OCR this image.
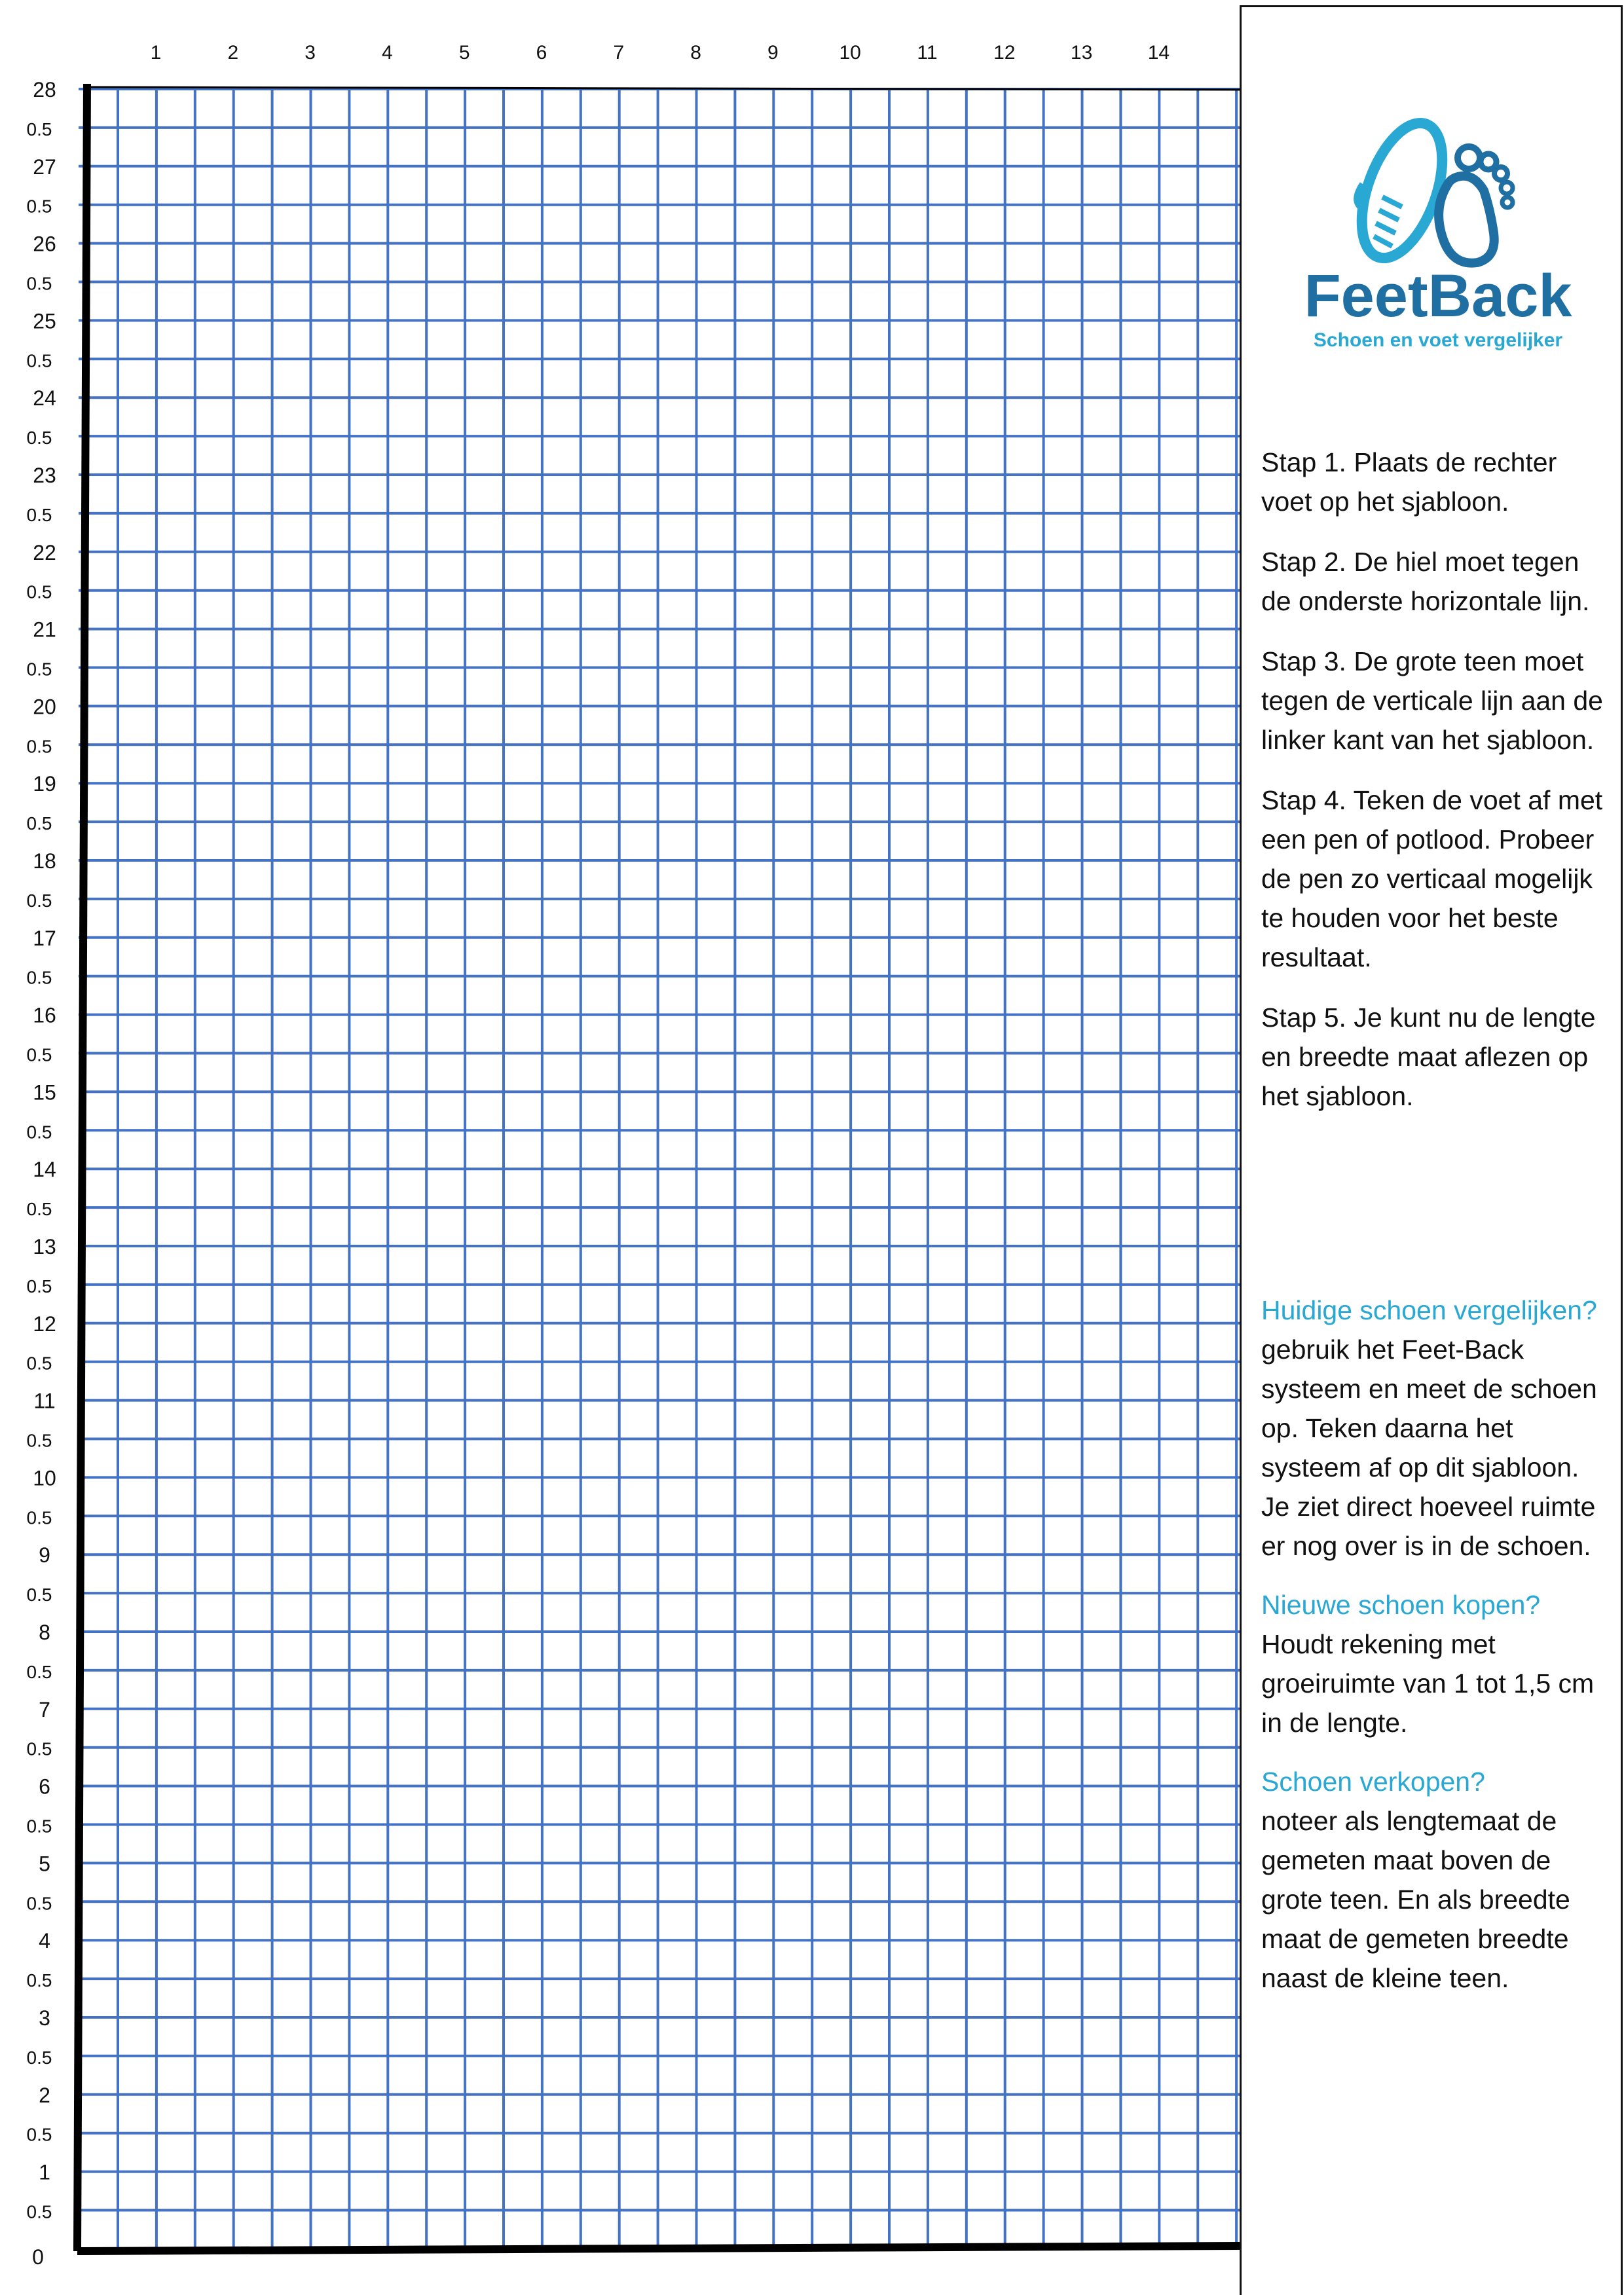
1	2	3	4	5	6	7	8	9	10	11	12	13	14
28
0.5
27
0.5
26
0.5
25
0.5
24
0.5
23
0.5
22
0.5
21
0.5
20
0.5
19
0.5
18
0.5
17
0.5
16
0.5
15
0.5
14
0.5
13
0.5
12
0.5
11
0.5
10
0.5
9
0.5
8
0.5
7
0.5
6
0.5
5
0.5
4
0.5
3
0.5
2
0.5
1
0.5
0
FeetBack
Schoen en voet vergelijker

Stap 1. Plaats de rechter voet op het sjabloon.

Stap 2. De hiel moet tegen de onderste horizontale lijn.

Stap 3. De grote teen moet tegen de verticale lijn aan de linker kant van het sjabloon.

Stap 4. Teken de voet af met een pen of potlood. Probeer de pen zo verticaal mogelijk te houden voor het beste resultaat.

Stap 5. Je kunt nu de lengte en breedte maat aflezen op het sjabloon.

Huidige schoen vergelijken?
gebruik het Feet-Back systeem en meet de schoen op. Teken daarna het systeem af op dit sjabloon. Je ziet direct hoeveel ruimte er nog over is in de schoen.
Nieuwe schoen kopen?
Houdt rekening met groeiruimte van 1 tot 1,5 cm in de lengte.
Schoen verkopen?
noteer als lengtemaat de gemeten maat boven de grote teen. En als breedte maat de gemeten breedte naast de kleine teen.
